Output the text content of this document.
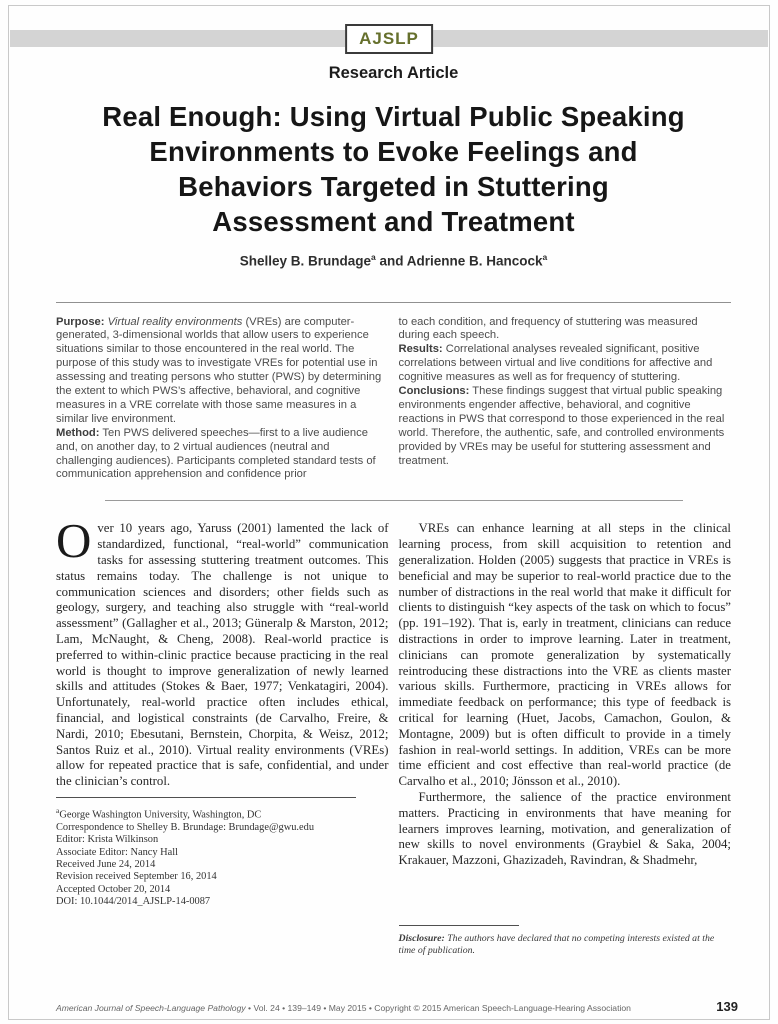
AJSLP
Research Article
Real Enough: Using Virtual Public Speaking
Environments to Evoke Feelings and
Behaviors Targeted in Stuttering
Assessment and Treatment
Shelley B. Brundage$^a$ and Adrienne B. Hancock$^a$

Purpose: Virtual reality environments (VREs) are computer-generated, 3-dimensional worlds that allow users to experience situations similar to those encountered in the real world. The purpose of this study was to investigate VREs for potential use in assessing and treating persons who stutter (PWS) by determining the extent to which PWS’s affective, behavioral, and cognitive measures in a VRE correlate with those same measures in a similar live environment.

Method: Ten PWS delivered speeches—first to a live audience and, on another day, to 2 virtual audiences (neutral and challenging audiences). Participants completed standard tests of communication apprehension and confidence prior

to each condition, and frequency of stuttering was measured during each speech.

Results: Correlational analyses revealed significant, positive correlations between virtual and live conditions for affective and cognitive measures as well as for frequency of stuttering.

Conclusions: These findings suggest that virtual public speaking environments engender affective, behavioral, and cognitive reactions in PWS that correspond to those experienced in the real world. Therefore, the authentic, safe, and controlled environments provided by VREs may be useful for stuttering assessment and treatment.

Over 10 years ago, Yaruss (2001) lamented the lack of standardized, functional, “real-world” communication tasks for assessing stuttering treatment outcomes. This status remains today. The challenge is not unique to communication sciences and disorders; other fields such as geology, surgery, and teaching also struggle with “real-world assessment” (Gallagher et al., 2013; Güneralp & Marston, 2012; Lam, McNaught, & Cheng, 2008). Real-world practice is preferred to within-clinic practice because practicing in the real world is thought to improve generalization of newly learned skills and attitudes (Stokes & Baer, 1977; Venkatagiri, 2004). Unfortunately, real-world practice often includes ethical, financial, and logistical constraints (de Carvalho, Freire, & Nardi, 2010; Ebesutani, Bernstein, Chorpita, & Weisz, 2012; Santos Ruiz et al., 2010). Virtual reality environments (VREs) allow for repeated practice that is safe, confidential, and under the clinician’s control.

$^a$George Washington University, Washington, DC

Correspondence to Shelley B. Brundage: Brundage@gwu.edu

Editor: Krista Wilkinson

Associate Editor: Nancy Hall

Received June 24, 2014

Revision received September 16, 2014

Accepted October 20, 2014

DOI: 10.1044/2014_AJSLP-14-0087

VREs can enhance learning at all steps in the clinical learning process, from skill acquisition to retention and generalization. Holden (2005) suggests that practice in VREs is beneficial and may be superior to real-world practice due to the number of distractions in the real world that make it difficult for clients to distinguish “key aspects of the task on which to focus” (pp. 191–192). That is, early in treatment, clinicians can reduce distractions in order to improve learning. Later in treatment, clinicians can promote generalization by systematically reintroducing these distractions into the VRE as clients master various skills. Furthermore, practicing in VREs allows for immediate feedback on performance; this type of feedback is critical for learning (Huet, Jacobs, Camachon, Goulon, & Montagne, 2009) but is often difficult to provide in a timely fashion in real-world settings. In addition, VREs can be more time efficient and cost effective than real-world practice (de Carvalho et al., 2010; Jönsson et al., 2010).

Furthermore, the salience of the practice environment matters. Practicing in environments that have meaning for learners improves learning, motivation, and generalization of new skills to novel environments (Graybiel & Saka, 2004; Krakauer, Mazzoni, Ghazizadeh, Ravindran, & Shadmehr,

Disclosure: The authors have declared that no competing interests existed at the time of publication.

American Journal of Speech-Language Pathology • Vol. 24 • 139–149 • May 2015 • Copyright © 2015 American Speech-Language-Hearing Association	139
